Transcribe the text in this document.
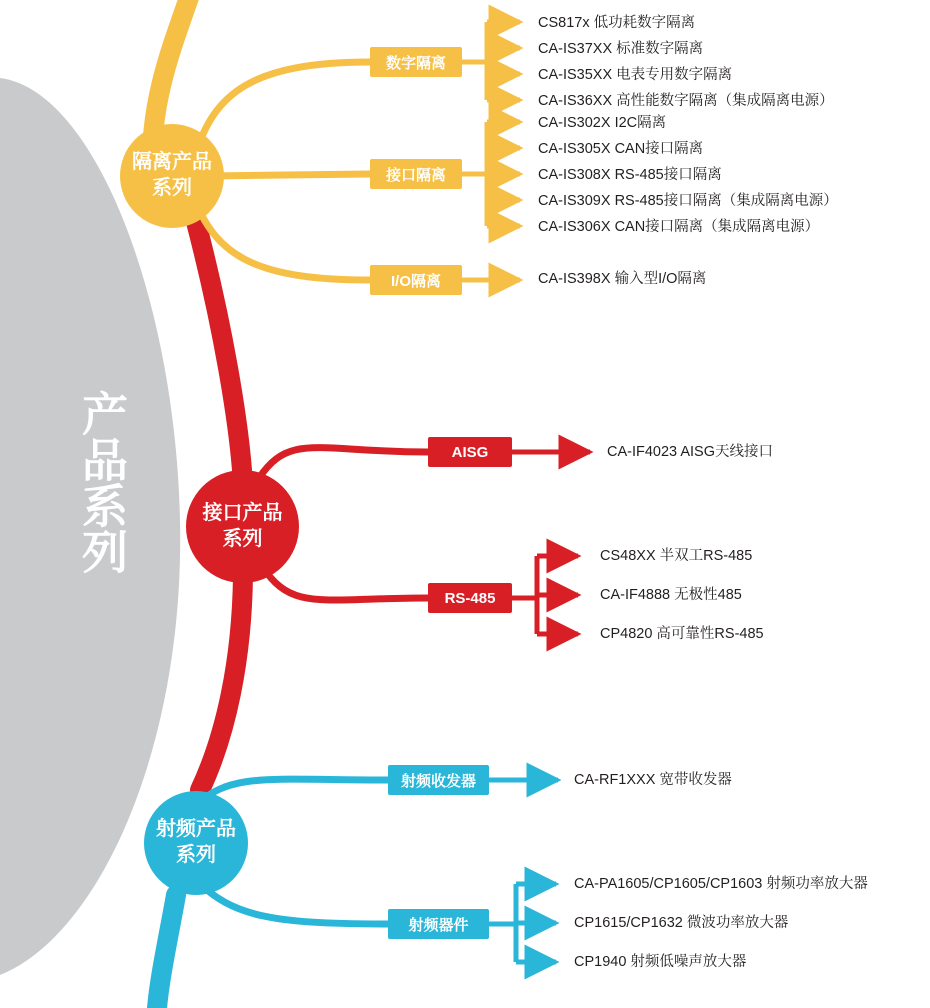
产品系列
隔离产品
系列
接口产品
系列
射频产品
系列
数字隔离
接口隔离
I/O隔离
AISG
RS-485
射频收发器
射频器件
CS817x 低功耗数字隔离
CA-IS37XX 标准数字隔离
CA-IS35XX 电表专用数字隔离
CA-IS36XX 高性能数字隔离（集成隔离电源）
CA-IS302X I2C隔离
CA-IS305X CAN接口隔离
CA-IS308X RS-485接口隔离
CA-IS309X RS-485接口隔离（集成隔离电源）
CA-IS306X CAN接口隔离（集成隔离电源）
CA-IS398X 输入型I/O隔离
CA-IF4023 AISG天线接口
CS48XX 半双工RS-485
CA-IF4888 无极性485
CP4820 高可靠性RS-485
CA-RF1XXX 宽带收发器
CA-PA1605/CP1605/CP1603 射频功率放大器
CP1615/CP1632 微波功率放大器
CP1940 射频低噪声放大器
